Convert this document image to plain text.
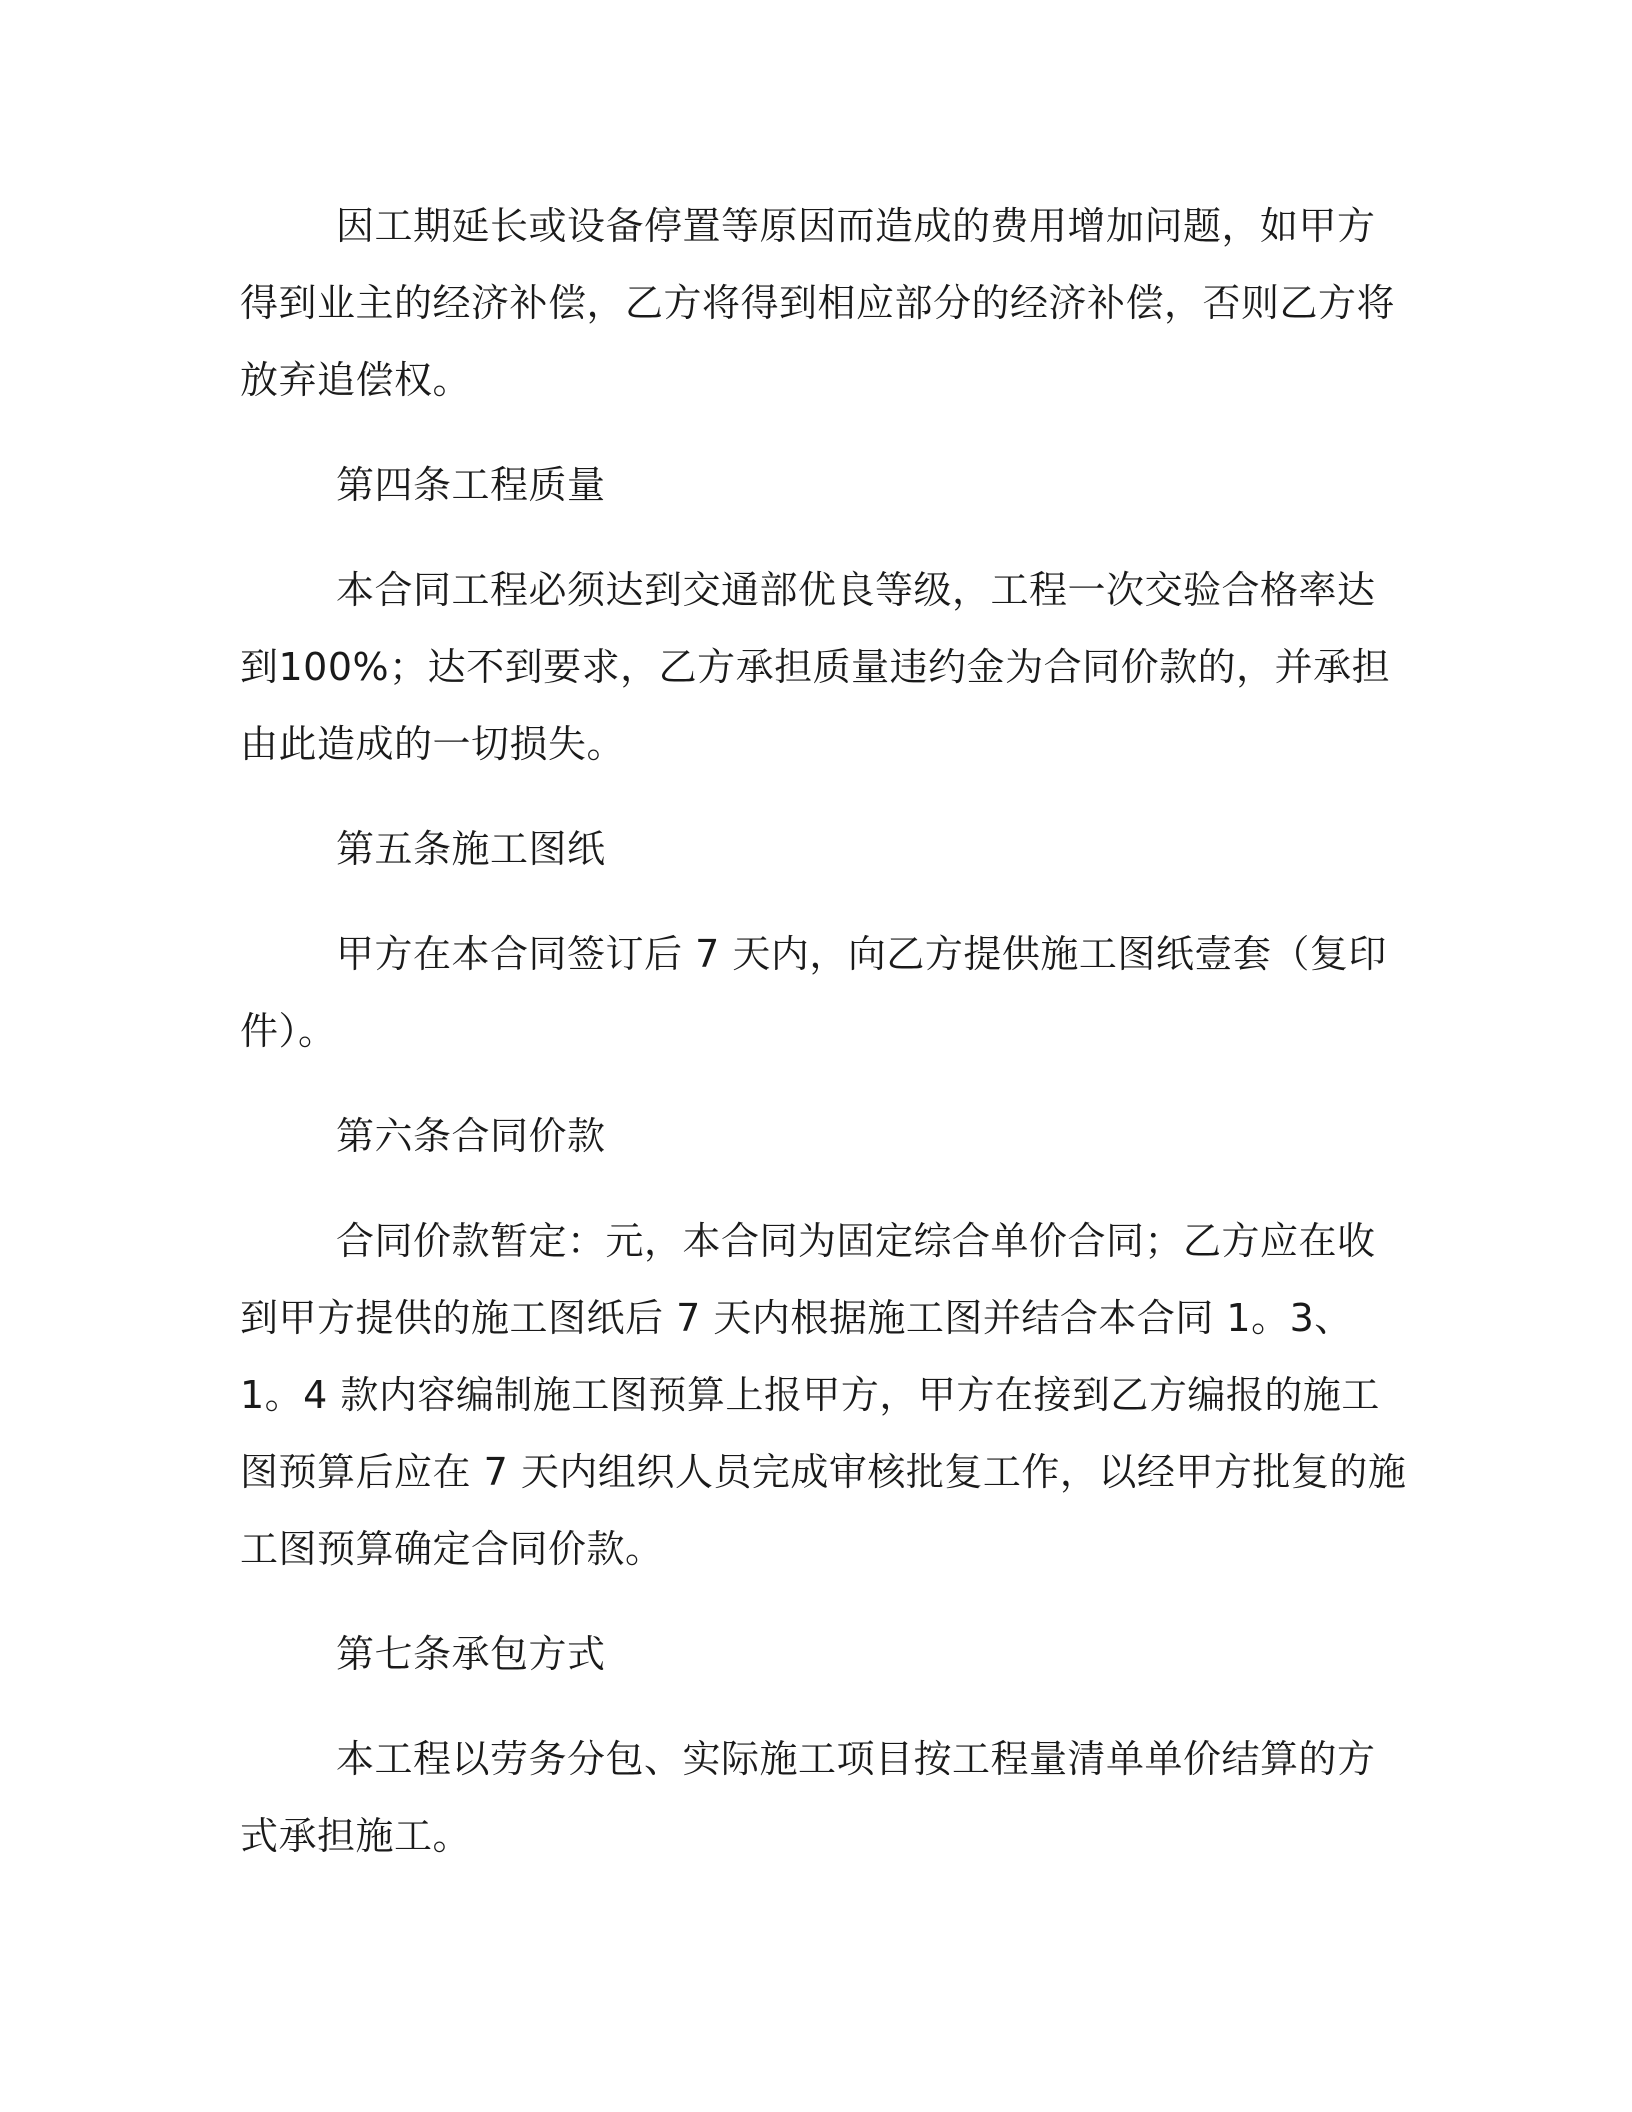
因工期延长或设备停置等原因而造成的费用增加问题，如甲方得到业主的经济补偿，乙方将得到相应部分的经济补偿，否则乙方将放弃追偿权。

第四条工程质量

本合同工程必须达到交通部优良等级，工程一次交验合格率达到100%；达不到要求，乙方承担质量违约金为合同价款的，并承担由此造成的一切损失。

第五条施工图纸

甲方在本合同签订后 7 天内，向乙方提供施工图纸壹套（复印件）。

第六条合同价款

合同价款暂定：元，本合同为固定综合单价合同；乙方应在收到甲方提供的施工图纸后 7 天内根据施工图并结合本合同 1。3、1。4 款内容编制施工图预算上报甲方，甲方在接到乙方编报的施工图预算后应在 7 天内组织人员完成审核批复工作，以经甲方批复的施工图预算确定合同价款。

第七条承包方式

本工程以劳务分包、实际施工项目按工程量清单单价结算的方式承担施工。
